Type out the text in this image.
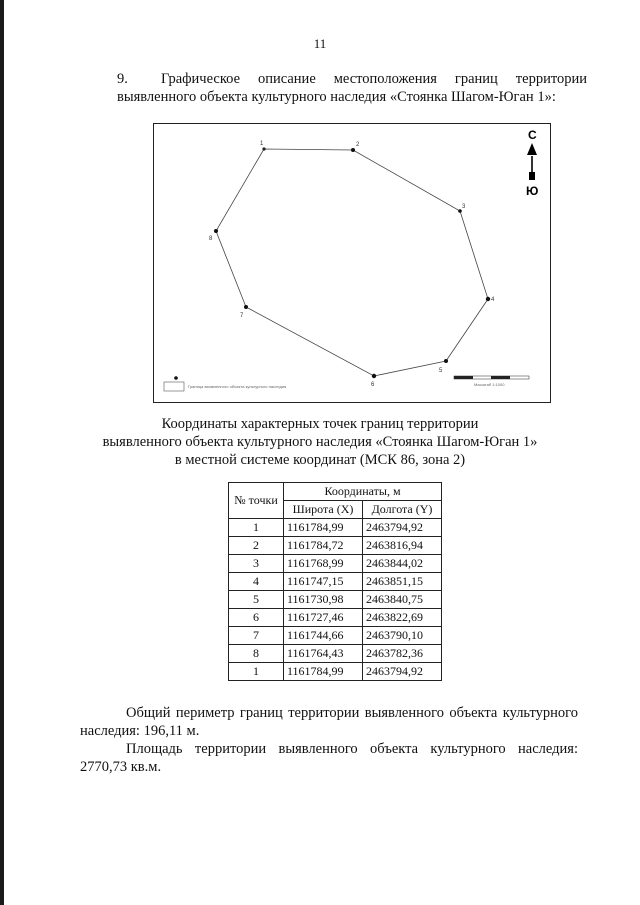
11
9. Графическое описание местоположения границ территории выявленного объекта культурного наследия «Стоянка Шагом-Юган 1»:
1	2
3
4
5
6
7
8
С
Ю
Граница выявленного объекта культурного наследия	Масштаб 1:1000
Координаты характерных точек границ территории
выявленного объекта культурного наследия «Стоянка Шагом-Юган 1»
в местной системе координат (МСК 86, зона 2)
№ точки	Координаты, м	
	Широта (X)	Долгота (Y)
1	1161784,99	2463794,92
2	1161784,72	2463816,94
3	1161768,99	2463844,02
4	1161747,15	2463851,15
5	1161730,98	2463840,75
6	1161727,46	2463822,69
7	1161744,66	2463790,10
8	1161764,43	2463782,36
1	1161784,99	2463794,92
Общий периметр границ территории выявленного объекта культурного наследия: 196,11 м.
Площадь территории выявленного объекта культурного наследия: 2770,73 кв.м.
